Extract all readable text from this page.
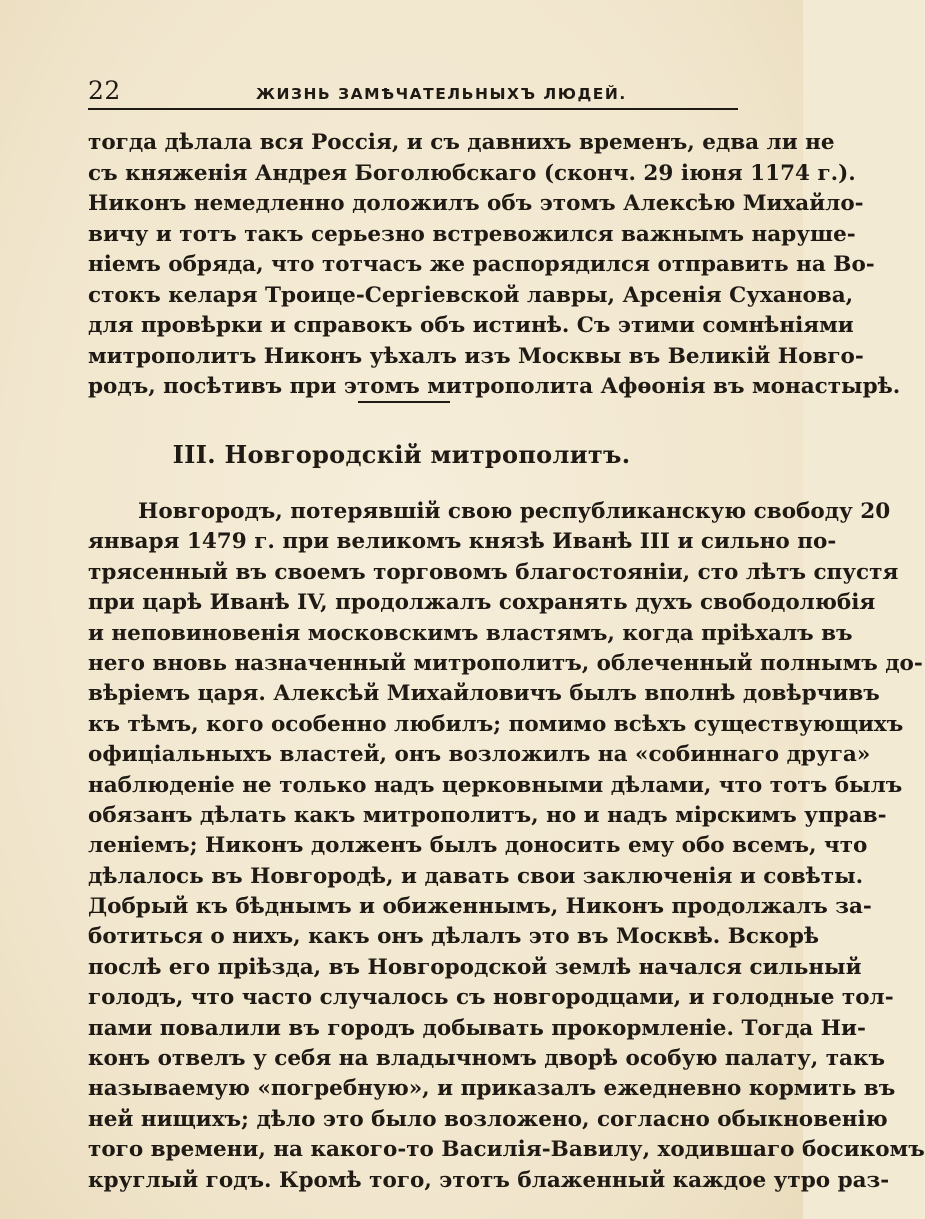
22	ЖИЗНЬ ЗАМѢЧАТЕЛЬНЫХЪ ЛЮДЕЙ.
тогда дѣлала вся Россія, и съ давнихъ временъ, едва ли не
съ княженія Андрея Боголюбскаго (сконч. 29 іюня 1174 г.).
Никонъ немедленно доложилъ объ этомъ Алексѣю Михайло-
вичу и тотъ такъ серьезно встревожился важнымъ наруше-
ніемъ обряда, что тотчасъ же распорядился отправить на Во-
стокъ келаря Троице-Сергіевской лавры, Арсенія Суханова,
для провѣрки и справокъ объ истинѣ. Съ этими сомнѣніями
митрополитъ Никонъ уѣхалъ изъ Москвы въ Великій Новго-
родъ, посѣтивъ при этомъ митрополита Афѳонія въ монастырѣ.
III. Новгородскій митрополитъ.
Новгородъ, потерявшій свою республиканскую свободу 20
января 1479 г. при великомъ князѣ Иванѣ III и сильно по-
трясенный въ своемъ торговомъ благостояніи, сто лѣтъ спустя
при царѣ Иванѣ IV, продолжалъ сохранять духъ свободолюбія
и неповиновенія московскимъ властямъ, когда пріѣхалъ въ
него вновь назначенный митрополитъ, облеченный полнымъ до-
вѣріемъ царя. Алексѣй Михайловичъ былъ вполнѣ довѣрчивъ
къ тѣмъ, кого особенно любилъ; помимо всѣхъ существующихъ
офиціальныхъ властей, онъ возложилъ на «собиннаго друга»
наблюденіе не только надъ церковными дѣлами, что тотъ былъ
обязанъ дѣлать какъ митрополитъ, но и надъ мірскимъ управ-
леніемъ; Никонъ долженъ былъ доносить ему обо всемъ, что
дѣлалось въ Новгородѣ, и давать свои заключенія и совѣты.
Добрый къ бѣднымъ и обиженнымъ, Никонъ продолжалъ за-
ботиться о нихъ, какъ онъ дѣлалъ это въ Москвѣ. Вскорѣ
послѣ его пріѣзда, въ Новгородской землѣ начался сильный
голодъ, что часто случалось съ новгородцами, и голодные тол-
пами повалили въ городъ добывать прокормленіе. Тогда Ни-
конъ отвелъ у себя на владычномъ дворѣ особую палату, такъ
называемую «погребную», и приказалъ ежедневно кормить въ
ней нищихъ; дѣло это было возложено, согласно обыкновенію
того времени, на какого-то Василія-Вавилу, ходившаго босикомъ
круглый годъ. Кромѣ того, этотъ блаженный каждое утро раз-
